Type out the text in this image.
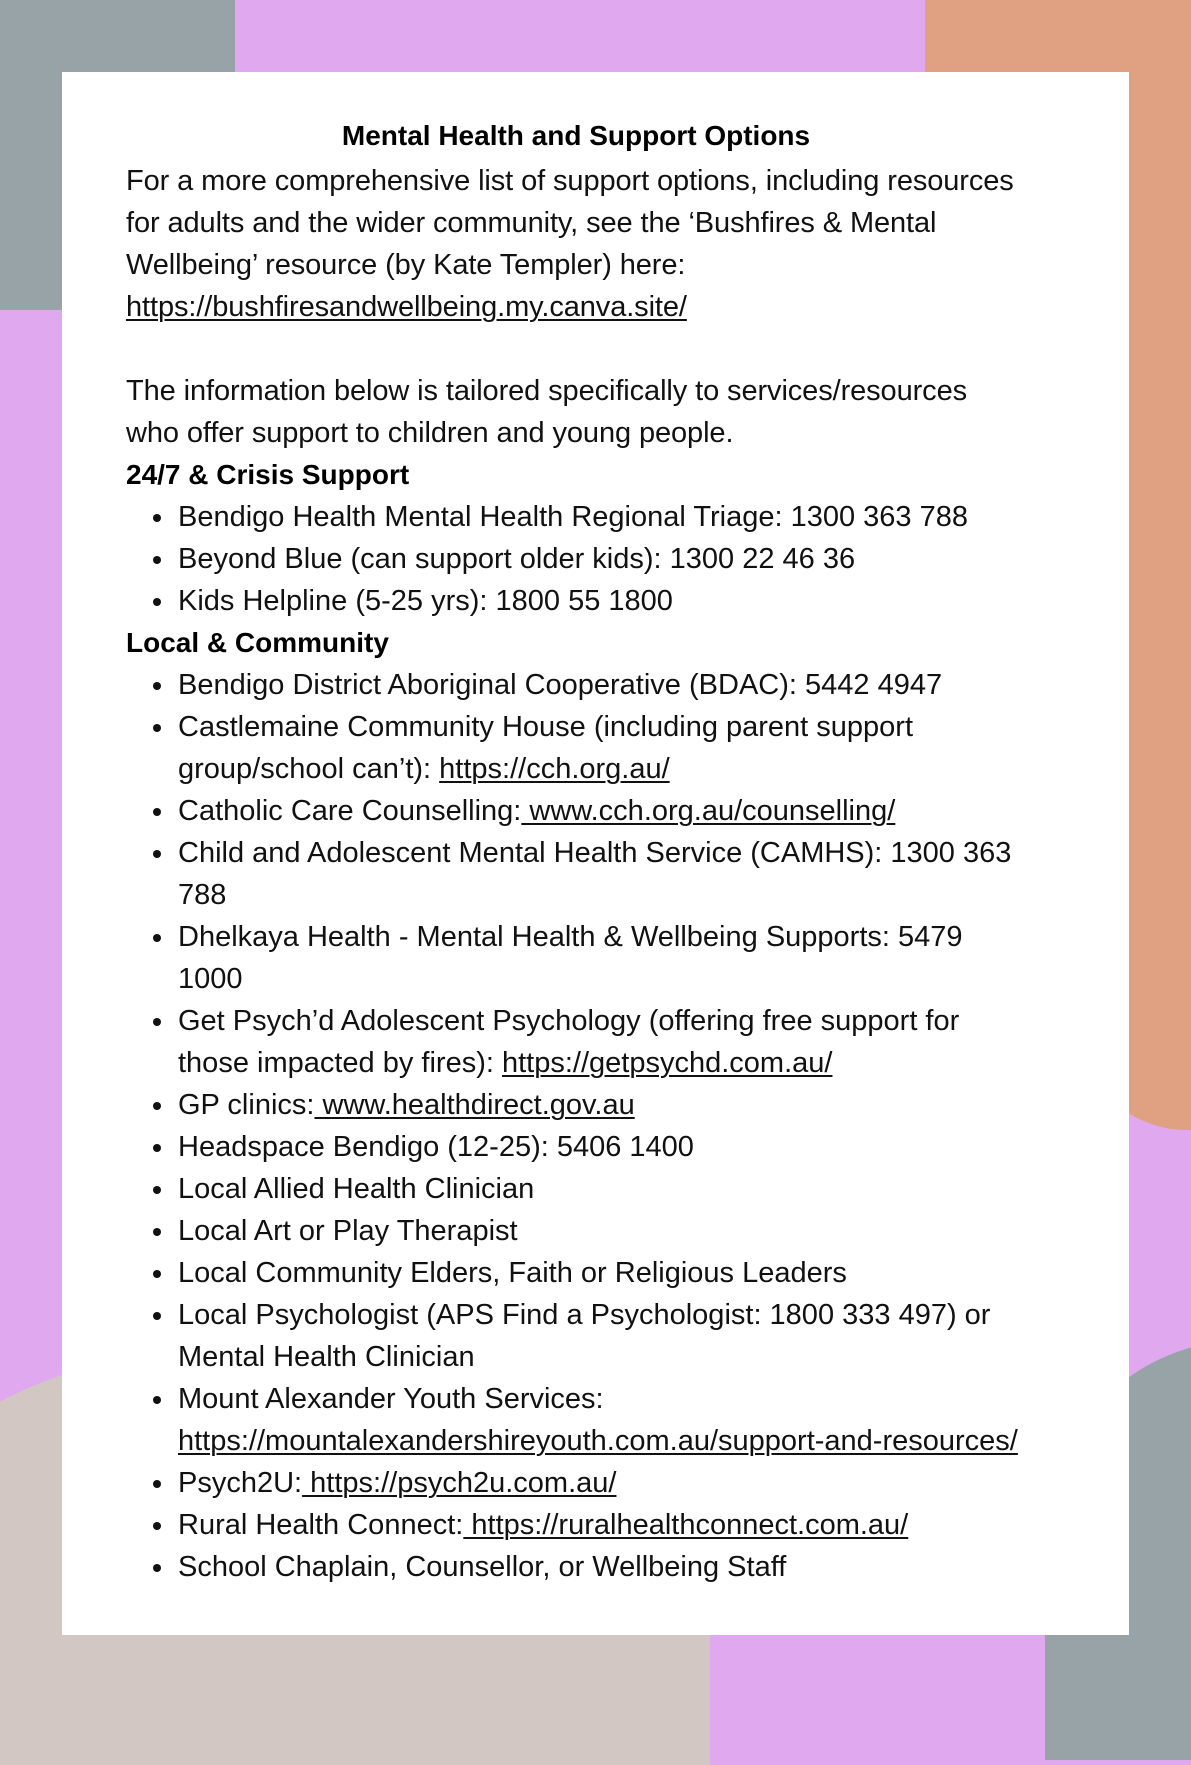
Mental Health and Support Options

For a more comprehensive list of support options, including resources for adults and the wider community, see the ‘Bushfires & Mental Wellbeing’ resource (by Kate Templer) here:
https://bushfiresandwellbeing.my.canva.site/

The information below is tailored specifically to services/resources who offer support to children and young people.

24/7 & Crisis Support
Bendigo Health Mental Health Regional Triage: 1300 363 788
Beyond Blue (can support older kids): 1300 22 46 36
Kids Helpline (5-25 yrs): 1800 55 1800
Local & Community
Bendigo District Aboriginal Cooperative (BDAC): 5442 4947
Castlemaine Community House (including parent support group/school can’t): https://cch.org.au/
Catholic Care Counselling: www.cch.org.au/counselling/
Child and Adolescent Mental Health Service (CAMHS): 1300 363 788
Dhelkaya Health - Mental Health & Wellbeing Supports: 5479 1000
Get Psych’d Adolescent Psychology (offering free support for those impacted by fires): https://getpsychd.com.au/
GP clinics: www.healthdirect.gov.au
Headspace Bendigo (12-25): 5406 1400
Local Allied Health Clinician
Local Art or Play Therapist
Local Community Elders, Faith or Religious Leaders
Local Psychologist (APS Find a Psychologist: 1800 333 497) or Mental Health Clinician
Mount Alexander Youth Services:
https://mountalexandershireyouth.com.au/support-and-resources/
Psych2U: https://psych2u.com.au/
Rural Health Connect: https://ruralhealthconnect.com.au/
School Chaplain, Counsellor, or Wellbeing Staff
